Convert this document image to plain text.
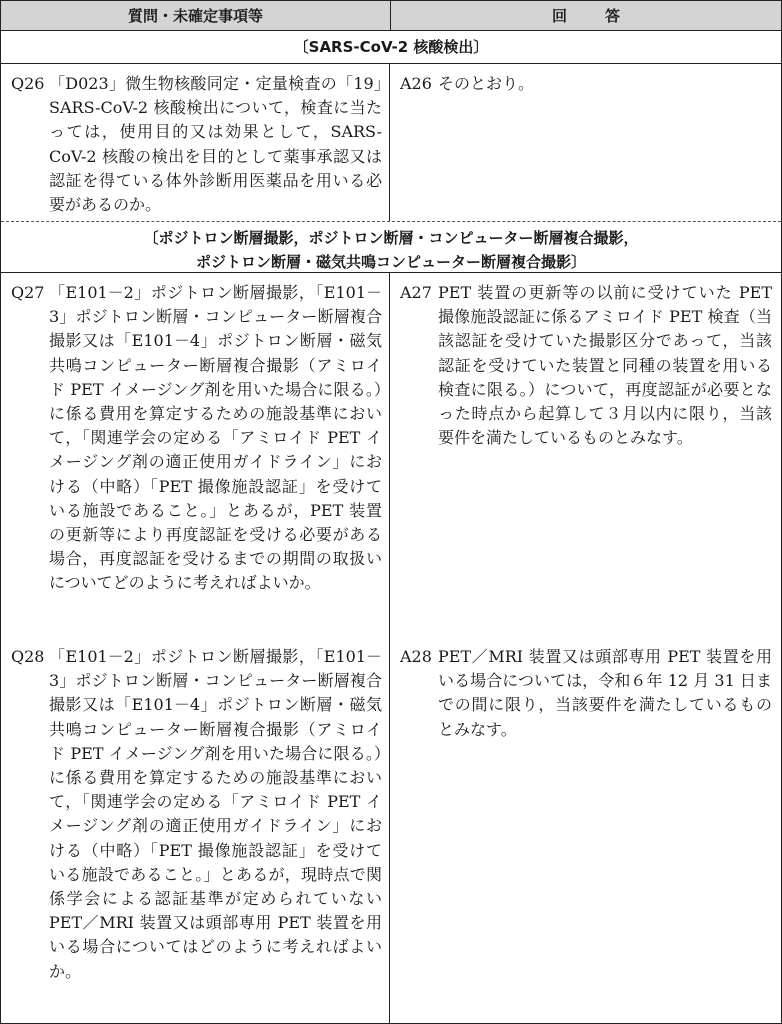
質問・未確定事項等	回答
〔SARS-CoV-2 核酸検出〕
Q26 「D023」微生物核酸同定・定量検査の「19」SARS-CoV-2 核酸検出について，検査に当たっては，使用目的又は効果として，SARS-CoV-2 核酸の検出を目的として薬事承認又は認証を得ている体外診断用医薬品を用いる必要があるのか。
A26 そのとおり。
〔ポジトロン断層撮影，ポジトロン断層・コンピューター断層複合撮影，
ポジトロン断層・磁気共鳴コンピューター断層複合撮影〕
Q27 「E101－2」ポジトロン断層撮影，「E101－3」ポジトロン断層・コンピューター断層複合撮影又は「E101－4」ポジトロン断層・磁気共鳴コンピューター断層複合撮影（アミロイド PET イメージング剤を用いた場合に限る。）に係る費用を算定するための施設基準において，「関連学会の定める「アミロイド PET イメージング剤の適正使用ガイドライン」における（中略）「PET 撮像施設認証」を受けている施設であること。」とあるが，PET 装置の更新等により再度認証を受ける必要がある場合，再度認証を受けるまでの期間の取扱いについてどのように考えればよいか。
A27 PET 装置の更新等の以前に受けていた PET 撮像施設認証に係るアミロイド PET 検査（当該認証を受けていた撮影区分であって，当該認証を受けていた装置と同種の装置を用いる検査に限る。）について，再度認証が必要となった時点から起算して３月以内に限り，当該要件を満たしているものとみなす。
Q28 「E101－2」ポジトロン断層撮影，「E101－3」ポジトロン断層・コンピューター断層複合撮影又は「E101－4」ポジトロン断層・磁気共鳴コンピューター断層複合撮影（アミロイド PET イメージング剤を用いた場合に限る。）に係る費用を算定するための施設基準において，「関連学会の定める「アミロイド PET イメージング剤の適正使用ガイドライン」における（中略）「PET 撮像施設認証」を受けている施設であること。」とあるが，現時点で関係学会による認証基準が定められていない PET／MRI 装置又は頭部専用 PET 装置を用いる場合についてはどのように考えればよいか。
A28 PET／MRI 装置又は頭部専用 PET 装置を用いる場合については，令和６年 12 月 31 日までの間に限り，当該要件を満たしているものとみなす。
